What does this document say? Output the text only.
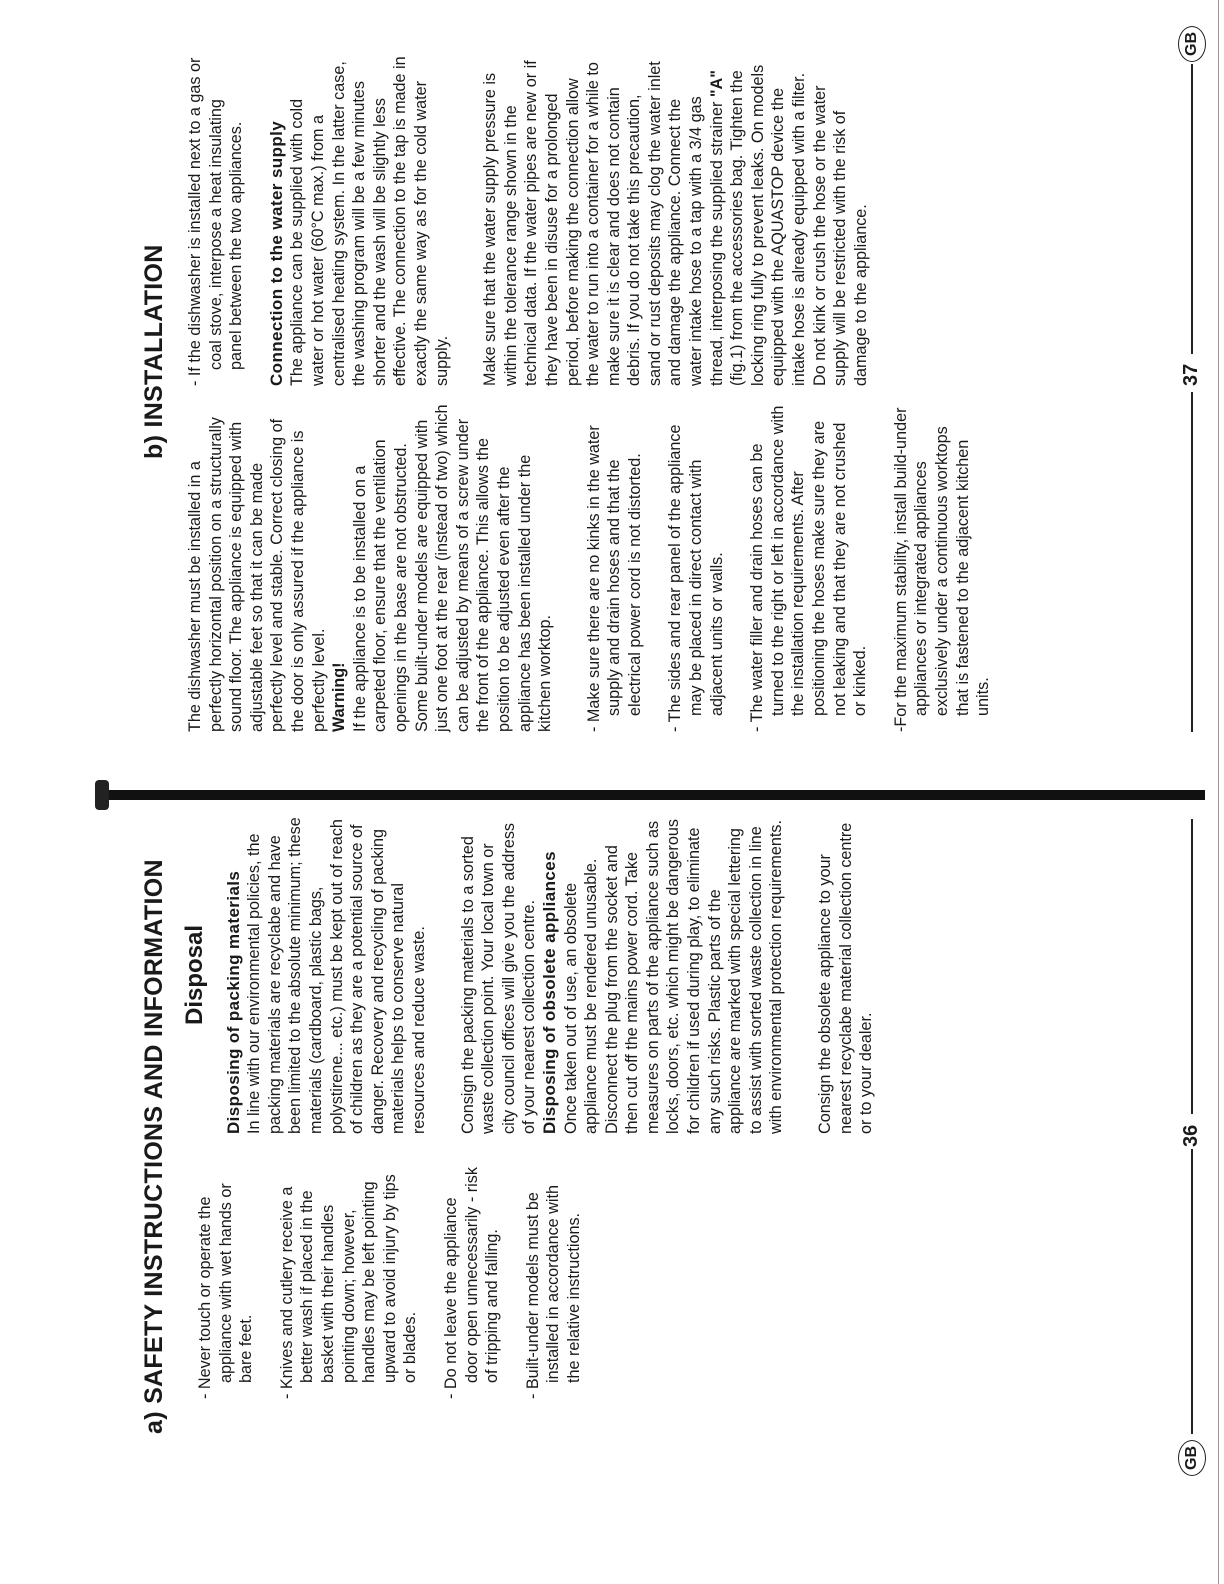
a) SAFETY INSTRUCTIONS AND INFORMATION - Never touch or operate the appliance with wet hands or bare feet. - Knives and cutlery receive a better wash if placed in the basket with their handles pointing down; however, handles may be left pointing upward to avoid injury by tips or blades. - Do not leave the appliance door open unnecessarily - risk of tripping and falling. - Built-under models must be installed in accordance with the relative instructions.

Disposal Disposing of packing materials In line with our environmental policies, the packing materials are recyclabe and have been limited to the absolute minimum; these materials (cardboard, plastic bags, polystirene... etc.) must be kept out of reach of children as they are a potential source of danger. Recovery and recycling of packing materials helps to conserve natural resources and reduce waste. Consign the packing materials to a sorted waste collection point. Your local town or city council offices will give you the address of your nearest collection centre. Disposing of obsolete appliances Once taken out of use, an obsolete appliance must be rendered unusable. Disconnect the plug from the socket and then cut off the mains power cord. Take measures on parts of the appliance such as locks, doors, etc. which might be dangerous for children if used during play, to eliminate any such risks. Plastic parts of the appliance are marked with special lettering to assist with sorted waste collection in line with environmental protection requirements. Consign the obsolete appliance to your nearest recyclabe material collection centre or to your dealer.

GB
36
b) INSTALLATION

The dishwasher must be installed in a perfectly horizontal position on a structurally sound floor. The appliance is equipped with adjustable feet so that it can be made perfectly level and stable. Correct closing of the door is only assured if the appliance is perfectly level. Warning! If the appliance is to be installed on a carpeted floor, ensure that the ventilation openings in the base are not obstructed. Some built-under models are equipped with just one foot at the rear (instead of two) which can be adjusted by means of a screw under the front of the appliance. This allows the position to be adjusted even after the appliance has been installed under the kitchen worktop. - Make sure there are no kinks in the water supply and drain hoses and that the electrical power cord is not distorted. - The sides and rear panel of the appliance may be placed in direct contact with adjacent units or walls. - The water filler and drain hoses can be turned to the right or left in accordance with the installation requirements. After positioning the hoses make sure they are not leaking and that they are not crushed or kinked. -For the maximum stability, install build-under appliances or integrated appliances exclusively under a continuous worktops that is fastened to the adjacent kitchen units.

- If the dishwasher is installed next to a gas or coal stove, interpose a heat insulating panel between the two appliances. Connection to the water supply The appliance can be supplied with cold water or hot water (60°C max.) from a centralised heating system. In the latter case, the washing program will be a few minutes shorter and the wash will be slightly less effective. The connection to the tap is made in exactly the same way as for the cold water supply. Make sure that the water supply pressure is within the tolerance range shown in the technical data. If the water pipes are new or if they have been in disuse for a prolonged period, before making the connection allow the water to run into a container for a while to make sure it is clear and does not contain debris. If you do not take this precaution, sand or rust deposits may clog the water inlet and damage the appliance. Connect the water intake hose to a tap with a 3/4 gas thread, interposing the supplied strainer "A" (fig.1) from the accessories bag. Tighten the locking ring fully to prevent leaks. On models equipped with the AQUASTOP device the intake hose is already equipped with a filter. Do not kink or crush the hose or the water supply will be restricted with the risk of damage to the appliance.	37
GB
